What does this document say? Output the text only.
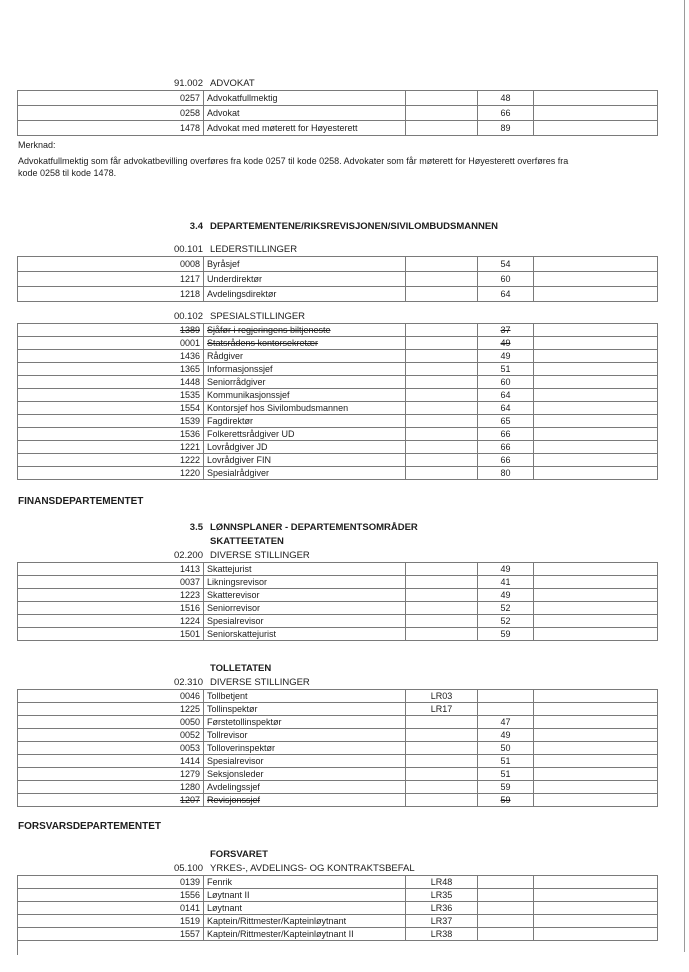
91.002 ADVOKAT
0257	Advokatfullmektig		48	
0258	Advokat		66	
1478	Advokat med møterett for Høyesterett		89	
Merknad:
Advokatfullmektig som får advokatbevilling overføres fra kode 0257 til kode 0258. Advokater som får møterett for Høyesterett overføres fra kode 0258 til kode 1478.
3.4 DEPARTEMENTENE/RIKSREVISJONEN/SIVILOMBUDSMANNEN
00.101 LEDERSTILLINGER
0008	Byråsjef		54	
1217	Underdirektør		60	
1218	Avdelingsdirektør		64	
00.102 SPESIALSTILLINGER
1389	Sjåfør i regjeringens biltjeneste		37	
0001	Statsrådens kontorsekretær		49	
1436	Rådgiver		49	
1365	Informasjonssjef		51	
1448	Seniorrådgiver		60	
1535	Kommunikasjonssjef		64	
1554	Kontorsjef hos Sivilombudsmannen		64	
1539	Fagdirektør		65	
1536	Folkerettsrådgiver UD		66	
1221	Lovrådgiver JD		66	
1222	Lovrådgiver FIN		66	
1220	Spesialrådgiver		80	
FINANSDEPARTEMENTET
3.5 LØNNSPLANER - DEPARTEMENTSOMRÅDER
SKATTEETATEN
02.200 DIVERSE STILLINGER
1413	Skattejurist		49	
0037	Likningsrevisor		41	
1223	Skatterevisor		49	
1516	Seniorrevisor		52	
1224	Spesialrevisor		52	
1501	Seniorskattejurist		59	
TOLLETATEN
02.310 DIVERSE STILLINGER
0046	Tollbetjent	LR03		
1225	Tollinspektør	LR17		
0050	Førstetollinspektør		47	
0052	Tollrevisor		49	
0053	Tolloverinspektør		50	
1414	Spesialrevisor		51	
1279	Seksjonsleder		51	
1280	Avdelingssjef		59	
1207	Revisjonssjef		59	
FORSVARSDEPARTEMENTET
FORSVARET
05.100 YRKES-, AVDELINGS- OG KONTRAKTSBEFAL
0139	Fenrik	LR48		
1556	Løytnant II	LR35		
0141	Løytnant	LR36		
1519	Kaptein/Rittmester/Kapteinløytnant	LR37		
1557	Kaptein/Rittmester/Kapteinløytnant II	LR38		
